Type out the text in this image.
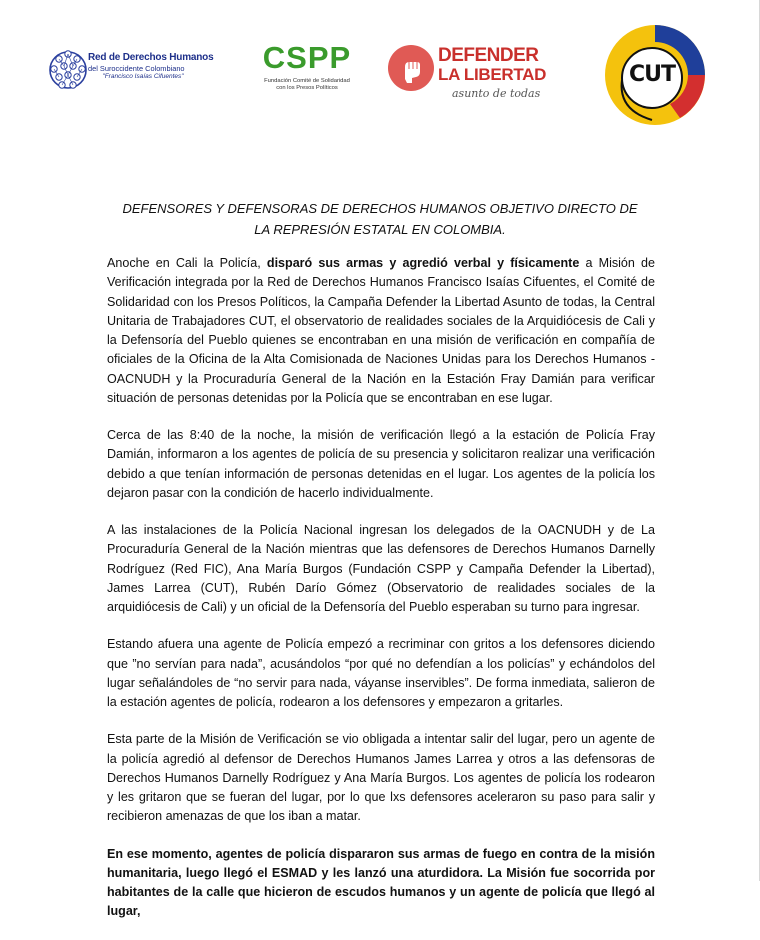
Red de Derechos Humanos
del Suroccidente Colombiano
"Francisco Isaías Cifuentes"
CSPP
Fundación Comité de Solidaridad
con los Presos Políticos
DEFENDER
LA LIBERTAD
asunto de todas
CUT
DEFENSORES Y DEFENSORAS DE DERECHOS HUMANOS OBJETIVO DIRECTO DE LA REPRESIÓN ESTATAL EN COLOMBIA.

Anoche en Cali la Policía, disparó sus armas y agredió verbal y físicamente a Misión de Verificación integrada por la Red de Derechos Humanos Francisco Isaías Cifuentes, el Comité de Solidaridad con los Presos Políticos, la Campaña Defender la Libertad Asunto de todas, la Central Unitaria de Trabajadores CUT, el observatorio de realidades sociales de la Arquidiócesis de Cali y la Defensoría del Pueblo quienes se encontraban en una misión de verificación en compañía de oficiales de la Oficina de la Alta Comisionada de Naciones Unidas para los Derechos Humanos - OACNUDH y la Procuraduría General de la Nación en la Estación Fray Damián para verificar situación de personas detenidas por la Policía que se encontraban en ese lugar.

Cerca de las 8:40 de la noche, la misión de verificación llegó a la estación de Policía Fray Damián, informaron a los agentes de policía de su presencia y solicitaron realizar una verificación debido a que tenían información de personas detenidas en el lugar. Los agentes de la policía los dejaron pasar con la condición de hacerlo individualmente.

A las instalaciones de la Policía Nacional ingresan los delegados de la OACNUDH y de La Procuraduría General de la Nación mientras que las defensores de Derechos Humanos Darnelly Rodríguez (Red FIC), Ana María Burgos (Fundación CSPP y Campaña Defender la Libertad), James Larrea (CUT), Rubén Darío Gómez (Observatorio de realidades sociales de la arquidiócesis de Cali) y un oficial de la Defensoría del Pueblo esperaban su turno para ingresar.

Estando afuera una agente de Policía empezó a recriminar con gritos a los defensores diciendo que ”no servían para nada”, acusándolos “por qué no defendían a los policías” y echándolos del lugar señalándoles de “no servir para nada, váyanse inservibles”. De forma inmediata, salieron de la estación agentes de policía, rodearon a los defensores y empezaron a gritarles.

Esta parte de la Misión de Verificación se vio obligada a intentar salir del lugar, pero un agente de la policía agredió al defensor de Derechos Humanos James Larrea y otros a las defensoras de Derechos Humanos Darnelly Rodríguez y Ana María Burgos. Los agentes de policía los rodearon y les gritaron que se fueran del lugar, por lo que lxs defensores aceleraron su paso para salir y recibieron amenazas de que los iban a matar.

En ese momento, agentes de policía dispararon sus armas de fuego en contra de la misión humanitaria, luego llegó el ESMAD y les lanzó una aturdidora. La Misión fue socorrida por habitantes de la calle que hicieron de escudos humanos y un agente de policía que llegó al lugar,
